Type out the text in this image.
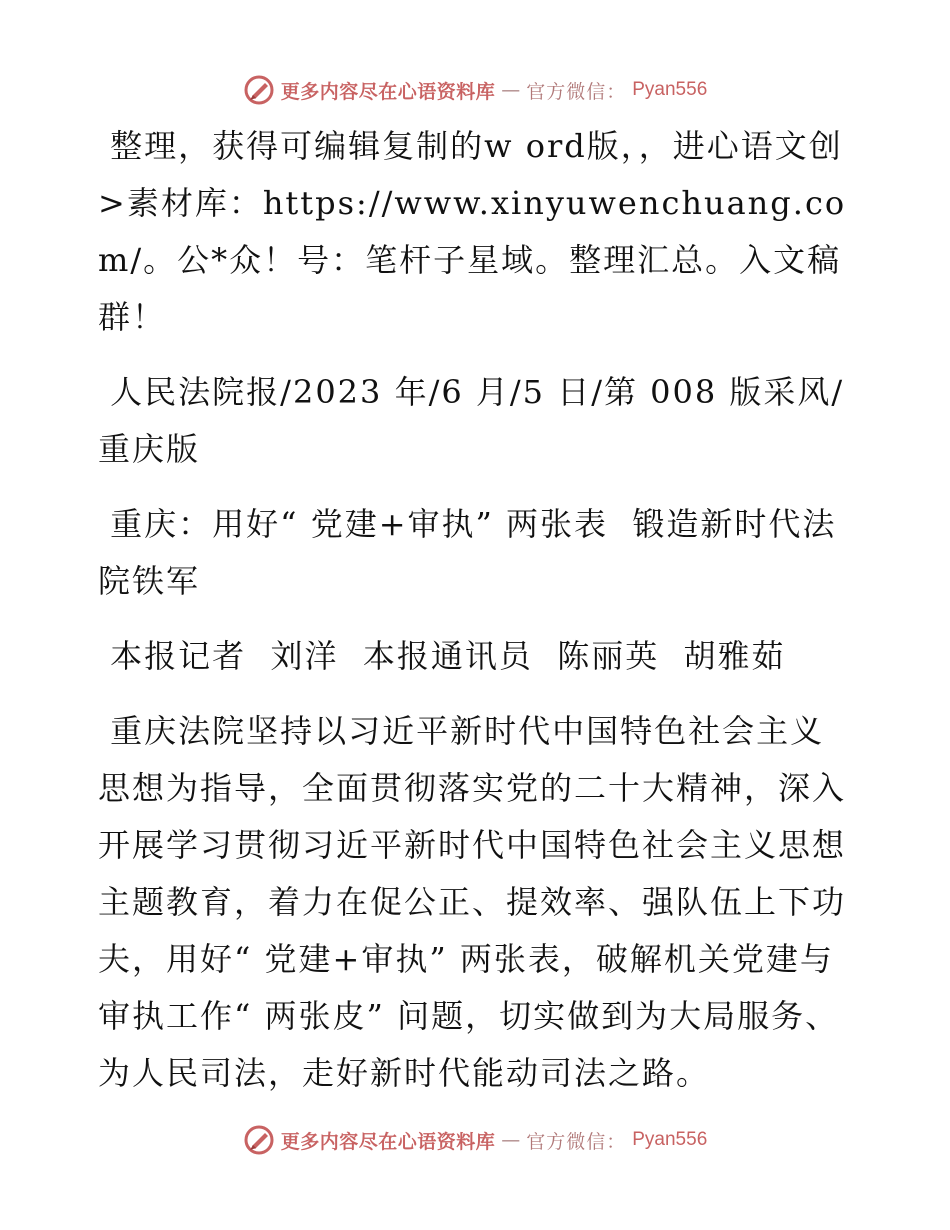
更多内容尽在心语资料库 — 官方微信： Pyan556

整理，获得可编辑复制的w ord版，，进心语文创>素材库：https://www.xinyuwenchuang.com/。公*众！号：笔杆子星域。整理汇总。入文稿群！

人民法院报/2023 年/6 月/5 日/第 008 版采风/重庆版

重庆：用好“ 党建+审执” 两张表  锻造新时代法院铁军

本报记者  刘洋  本报通讯员  陈丽英  胡雅茹

重庆法院坚持以习近平新时代中国特色社会主义思想为指导，全面贯彻落实党的二十大精神，深入开展学习贯彻习近平新时代中国特色社会主义思想主题教育，着力在促公正、提效率、强队伍上下功夫，用好“ 党建+审执” 两张表，破解机关党建与审执工作“ 两张皮” 问题，切实做到为大局服务、为人民司法，走好新时代能动司法之路。

更多内容尽在心语资料库 — 官方微信： Pyan556
